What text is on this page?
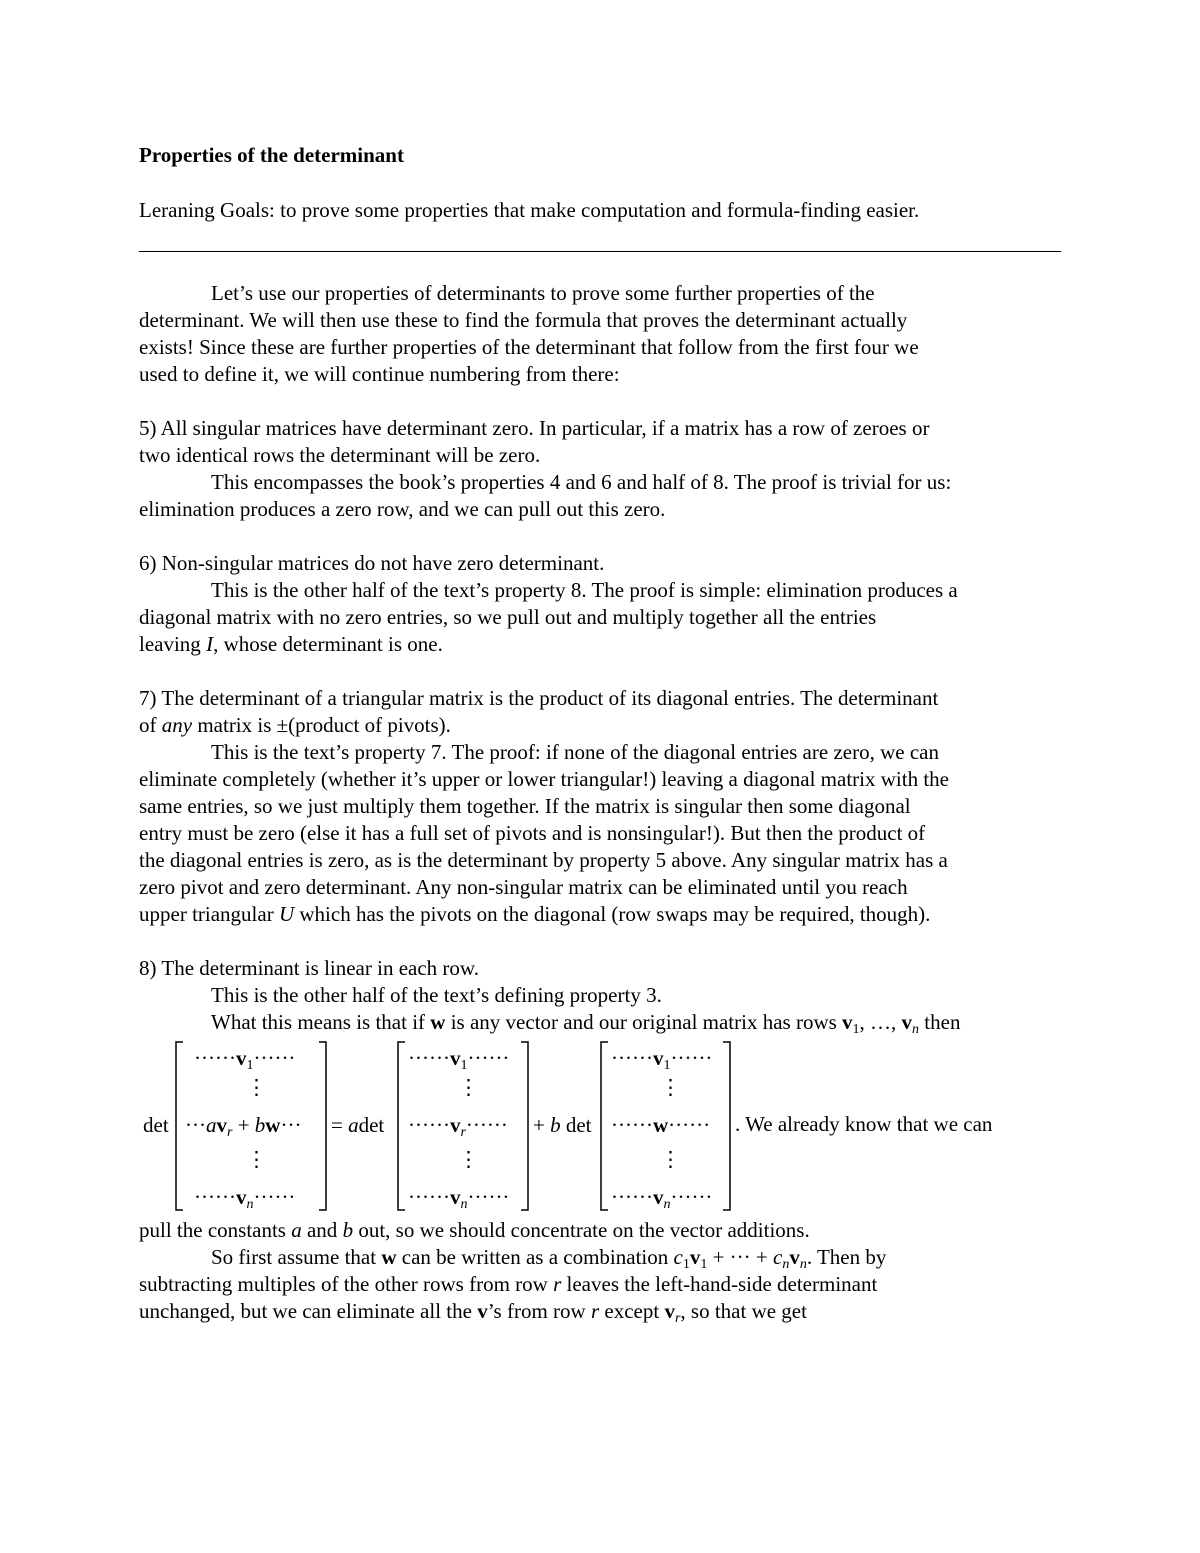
Properties of the determinant
Leraning Goals: to prove some properties that make computation and formula-finding easier.
Let’s use our properties of determinants to prove some further properties of the
determinant. We will then use these to find the formula that proves the determinant actually
exists! Since these are further properties of the determinant that follow from the first four we
used to define it, we will continue numbering from there:
5) All singular matrices have determinant zero. In particular, if a matrix has a row of zeroes or
two identical rows the determinant will be zero.
This encompasses the book’s properties 4 and 6 and half of 8. The proof is trivial for us:
elimination produces a zero row, and we can pull out this zero.
6) Non-singular matrices do not have zero determinant.
This is the other half of the text’s property 8. The proof is simple: elimination produces a
diagonal matrix with no zero entries, so we pull out and multiply together all the entries
leaving I, whose determinant is one.
7) The determinant of a triangular matrix is the product of its diagonal entries. The determinant
of any matrix is ±(product of pivots).
This is the text’s property 7. The proof: if none of the diagonal entries are zero, we can
eliminate completely (whether it’s upper or lower triangular!) leaving a diagonal matrix with the
same entries, so we just multiply them together. If the matrix is singular then some diagonal
entry must be zero (else it has a full set of pivots and is nonsingular!). But then the product of
the diagonal entries is zero, as is the determinant by property 5 above. Any singular matrix has a
zero pivot and zero determinant. Any non-singular matrix can be eliminated until you reach
upper triangular U which has the pivots on the diagonal (row swaps may be required, though).
8) The determinant is linear in each row.
This is the other half of the text’s defining property 3.
What this means is that if w is any vector and our original matrix has rows $v_1$, …, $v_n$ then
det
$\cdot\cdot\cdot\cdot\cdot\cdot v_1\cdot\cdot\cdot\cdot\cdot\cdot$
⋮
$\cdot\cdot\cdot av_r + bw\cdot\cdot\cdot$
⋮
$\cdot\cdot\cdot\cdot\cdot\cdot v_n\cdot\cdot\cdot\cdot\cdot\cdot$
= adet
$\cdot\cdot\cdot\cdot\cdot\cdot v_1\cdot\cdot\cdot\cdot\cdot\cdot$
⋮
$\cdot\cdot\cdot\cdot\cdot\cdot v_r\cdot\cdot\cdot\cdot\cdot\cdot$
⋮
$\cdot\cdot\cdot\cdot\cdot\cdot v_n\cdot\cdot\cdot\cdot\cdot\cdot$
+ b det
$\cdot\cdot\cdot\cdot\cdot\cdot v_1\cdot\cdot\cdot\cdot\cdot\cdot$
⋮
······w······
⋮
$\cdot\cdot\cdot\cdot\cdot\cdot v_n\cdot\cdot\cdot\cdot\cdot\cdot$
. We already know that we can
pull the constants a and b out, so we should concentrate on the vector additions.
So first assume that w can be written as a combination $c_1v_1$ + ··· + $c_nv_n$. Then by
subtracting multiples of the other rows from row r leaves the left-hand-side determinant
unchanged, but we can eliminate all the v’s from row r except $v_r$, so that we get
